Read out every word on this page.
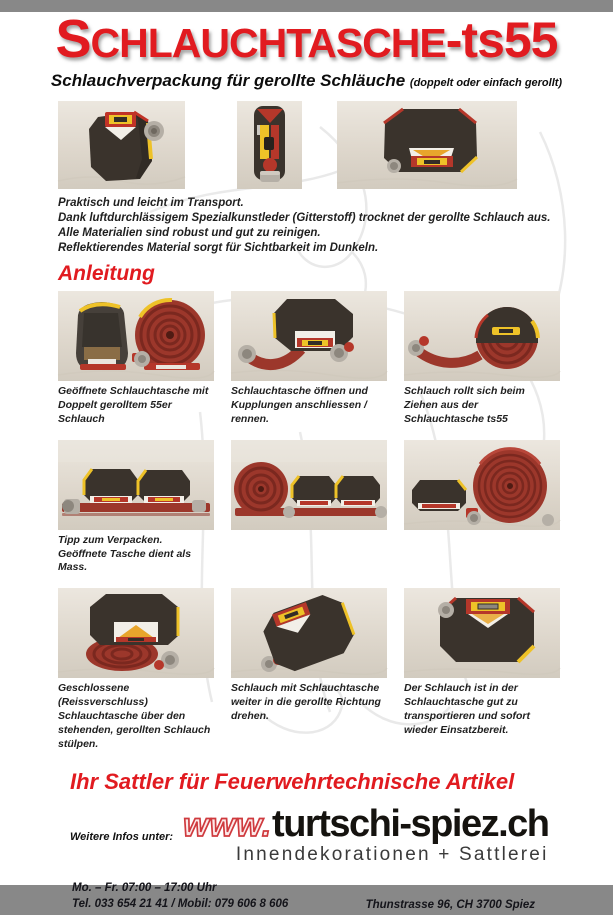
SCHLAUCHTASCHE-ts55
Schlauchverpackung für gerollte Schläuche (doppelt oder einfach gerollt)

Praktisch und leicht im Transport.

Dank luftdurchlässigem Spezialkunstleder (Gitterstoff) trocknet der gerollte Schlauch aus.

Alle Materialien sind robust und gut zu reinigen.

Reflektierendes Material sorgt für Sichtbarkeit im Dunkeln.

Anleitung

Geöffnete Schlauchtasche mit Doppelt gerolltem 55er Schlauch

Schlauchtasche öffnen und Kupplungen anschliessen / rennen.

Schlauch rollt sich beim Ziehen aus der Schlauchtasche ts55

Tipp zum Verpacken. Geöffnete Tasche dient als Mass.

Geschlossene (Reissverschluss) Schlauchtasche über den stehenden, gerollten Schlauch stülpen.

Schlauch mit Schlauchtasche weiter in die gerollte Richtung drehen.

Der Schlauch ist in der Schlauchtasche gut zu transportieren und sofort wieder Einsatzbereit.

Ihr Sattler für Feuerwehrtechnische Artikel
Weitere Infos unter: www. turtschi-spiez.ch
Innendekorationen + Sattlerei

Mo. – Fr. 07:00 – 17:00 Uhr

Tel. 033 654 21 41 / Mobil: 079 606 8 606	Thunstrasse 96, CH 3700 Spiez
